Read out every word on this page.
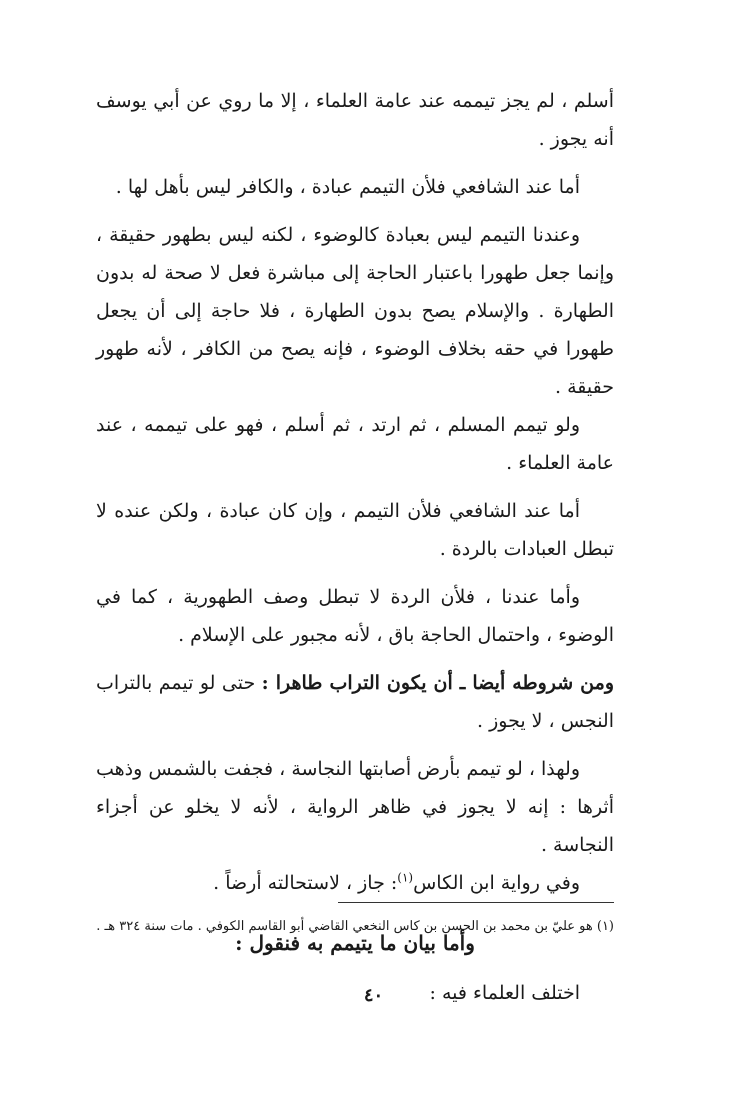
أسلم ، لم يجز تيممه عند عامة العلماء ، إلا ما روي عن أبي يوسف أنه يجوز .

أما عند الشافعي فلأن التيمم عبادة ، والكافر ليس بأهل لها .

وعندنا التيمم ليس بعبادة كالوضوء ، لكنه ليس بطهور حقيقة ، وإنما جعل طهورا باعتبار الحاجة إلى مباشرة فعل لا صحة له بدون الطهارة . والإسلام يصح بدون الطهارة ، فلا حاجة إلى أن يجعل طهورا في حقه بخلاف الوضوء ، فإنه يصح من الكافر ، لأنه طهور حقيقة .

ولو تيمم المسلم ، ثم ارتد ، ثم أسلم ، فهو على تيممه ، عند عامة العلماء .

أما عند الشافعي فلأن التيمم ، وإن كان عبادة ، ولكن عنده لا تبطل العبادات بالردة .

وأما عندنا ، فلأن الردة لا تبطل وصف الطهورية ، كما في الوضوء ، واحتمال الحاجة باق ، لأنه مجبور على الإسلام .

ومن شروطه أيضا ـ أن يكون التراب طاهرا : حتى لو تيمم بالتراب النجس ، لا يجوز .

ولهذا ، لو تيمم بأرض أصابتها النجاسة ، فجفت بالشمس وذهب أثرها : إنه لا يجوز في ظاهر الرواية ، لأنه لا يخلو عن أجزاء النجاسة .

وفي رواية ابن الكاس$^{(١)}$: جاز ، لاستحالته أرضاً .

وأما بيان ما يتيمم به فنقول :

اختلف العلماء فيه :

(١) هو عليّ بن محمد بن الحسن بن كاس النخعي القاضي أبو القاسم الكوفي . مات سنة ٣٢٤ هـ .
٤٠
